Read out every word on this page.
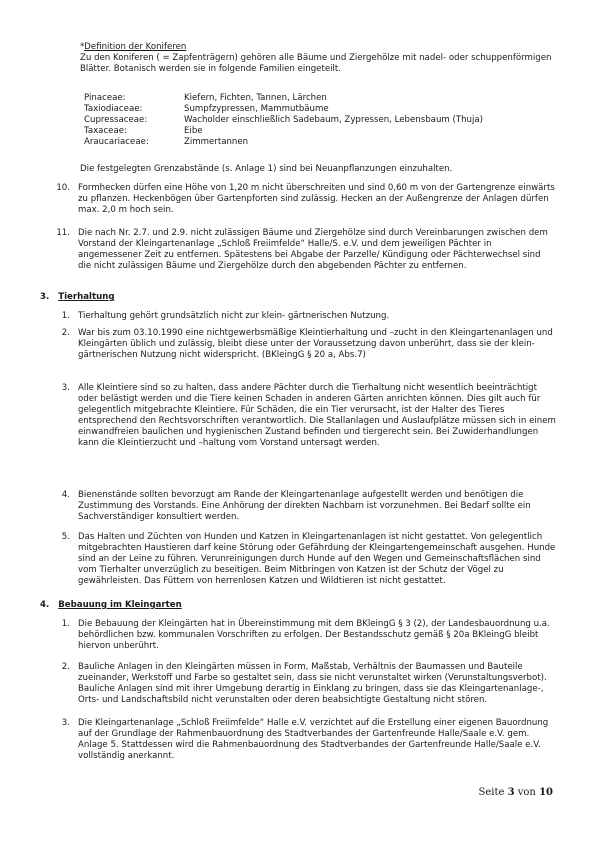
*Definition der Koniferen

Zu den Koniferen ( = Zapfenträgern) gehören alle Bäume und Ziergehölze mit nadel- oder schuppenförmigen Blätter. Botanisch werden sie in folgende Familien eingeteilt.

Pinaceae:	Kiefern, Fichten, Tannen, Lärchen
Taxiodiaceae:	Sumpfzypressen, Mammutbäume
Cupressaceae:	Wacholder einschließlich Sadebaum, Zypressen, Lebensbaum (Thuja)
Taxaceae:	Eibe
Araucariaceae:	Zimmertannen

Die festgelegten Grenzabstände (s. Anlage 1) sind bei Neuanpflanzungen einzuhalten.

10. Formhecken dürfen eine Höhe von 1,20 m nicht überschreiten und sind 0,60 m von der Gartengrenze einwärts zu pflanzen. Heckenbögen über Gartenpforten sind zulässig. Hecken an der Außengrenze der Anlagen dürfen max. 2,0 m hoch sein.

11. Die nach Nr. 2.7. und 2.9. nicht zulässigen Bäume und Ziergehölze sind durch Vereinbarungen zwischen dem Vorstand der Kleingartenanlage „Schloß Freiimfelde“ Halle/S. e.V. und dem jeweiligen Pächter in angemessener Zeit zu entfernen. Spätestens bei Abgabe der Parzelle/ Kündigung oder Pächterwechsel sind die nicht zulässigen Bäume und Ziergehölze durch den abgebenden Pächter zu entfernen.

3. Tierhaltung
1. Tierhaltung gehört grundsätzlich nicht zur klein- gärtnerischen Nutzung.

2. War bis zum 03.10.1990 eine nichtgewerbsmäßige Kleintierhaltung und –zucht in den Kleingartenanlagen und Kleingärten üblich und zulässig, bleibt diese unter der Voraussetzung davon unberührt, dass sie der klein- gärtnerischen Nutzung nicht widerspricht. (BKleingG § 20 a, Abs.7)

3. Alle Kleintiere sind so zu halten, dass andere Pächter durch die Tierhaltung nicht wesentlich beeinträchtigt oder belästigt werden und die Tiere keinen Schaden in anderen Gärten anrichten können. Dies gilt auch für gelegentlich mitgebrachte Kleintiere. Für Schäden, die ein Tier verursacht, ist der Halter des Tieres entsprechend den Rechtsvorschriften verantwortlich. Die Stallanlagen und Auslaufplätze müssen sich in einem einwandfreien baulichen und hygienischen Zustand befinden und tiergerecht sein. Bei Zuwiderhandlungen kann die Kleintierzucht und –haltung vom Vorstand untersagt werden.

4. Bienenstände sollten bevorzugt am Rande der Kleingartenanlage aufgestellt werden und benötigen die Zustimmung des Vorstands. Eine Anhörung der direkten Nachbarn ist vorzunehmen. Bei Bedarf sollte ein Sachverständiger konsultiert werden.

5. Das Halten und Züchten von Hunden und Katzen in Kleingartenanlagen ist nicht gestattet. Von gelegentlich mitgebrachten Haustieren darf keine Störung oder Gefährdung der Kleingartengemeinschaft ausgehen. Hunde sind an der Leine zu führen. Verunreinigungen durch Hunde auf den Wegen und Gemeinschaftsflächen sind vom Tierhalter unverzüglich zu beseitigen. Beim Mitbringen von Katzen ist der Schutz der Vögel zu gewährleisten. Das Füttern von herrenlosen Katzen und Wildtieren ist nicht gestattet.

4. Bebauung im Kleingarten
1. Die Bebauung der Kleingärten hat in Übereinstimmung mit dem BKleingG § 3 (2), der Landesbauordnung u.a. behördlichen bzw. kommunalen Vorschriften zu erfolgen. Der Bestandsschutz gemäß § 20a BKleingG bleibt hiervon unberührt.

2. Bauliche Anlagen in den Kleingärten müssen in Form, Maßstab, Verhältnis der Baumassen und Bauteile zueinander, Werkstoff und Farbe so gestaltet sein, dass sie nicht verunstaltet wirken (Verunstaltungsverbot). Bauliche Anlagen sind mit ihrer Umgebung derartig in Einklang zu bringen, dass sie das Kleingartenanlage-, Orts- und Landschaftsbild nicht verunstalten oder deren beabsichtigte Gestaltung nicht stören.

3. Die Kleingartenanlage „Schloß Freiimfelde“ Halle e.V. verzichtet auf die Erstellung einer eigenen Bauordnung auf der Grundlage der Rahmenbauordnung des Stadtverbandes der Gartenfreunde Halle/Saale e.V. gem. Anlage 5. Stattdessen wird die Rahmenbauordnung des Stadtverbandes der Gartenfreunde Halle/Saale e.V. vollständig anerkannt.

Seite 3 von 10
